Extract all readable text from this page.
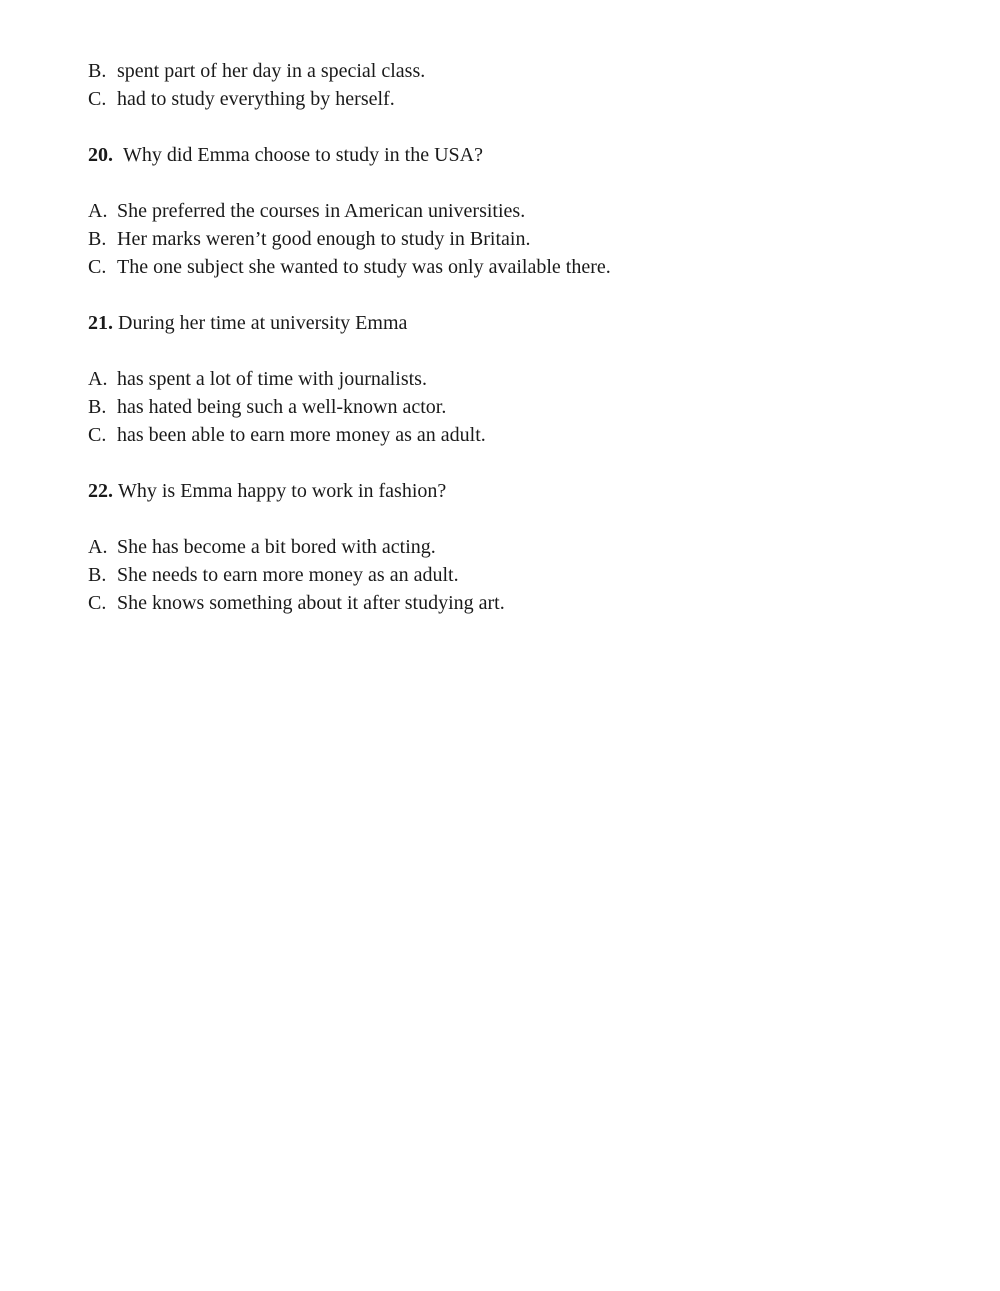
B. spent part of her day in a special class.
C. had to study everything by herself.
20. Why did Emma choose to study in the USA?
A. She preferred the courses in American universities.
B. Her marks weren’t good enough to study in Britain.
C. The one subject she wanted to study was only available there.
21. During her time at university Emma
A. has spent a lot of time with journalists.
B. has hated being such a well-known actor.
C. has been able to earn more money as an adult.
22. Why is Emma happy to work in fashion?
A. She has become a bit bored with acting.
B. She needs to earn more money as an adult.
C. She knows something about it after studying art.
